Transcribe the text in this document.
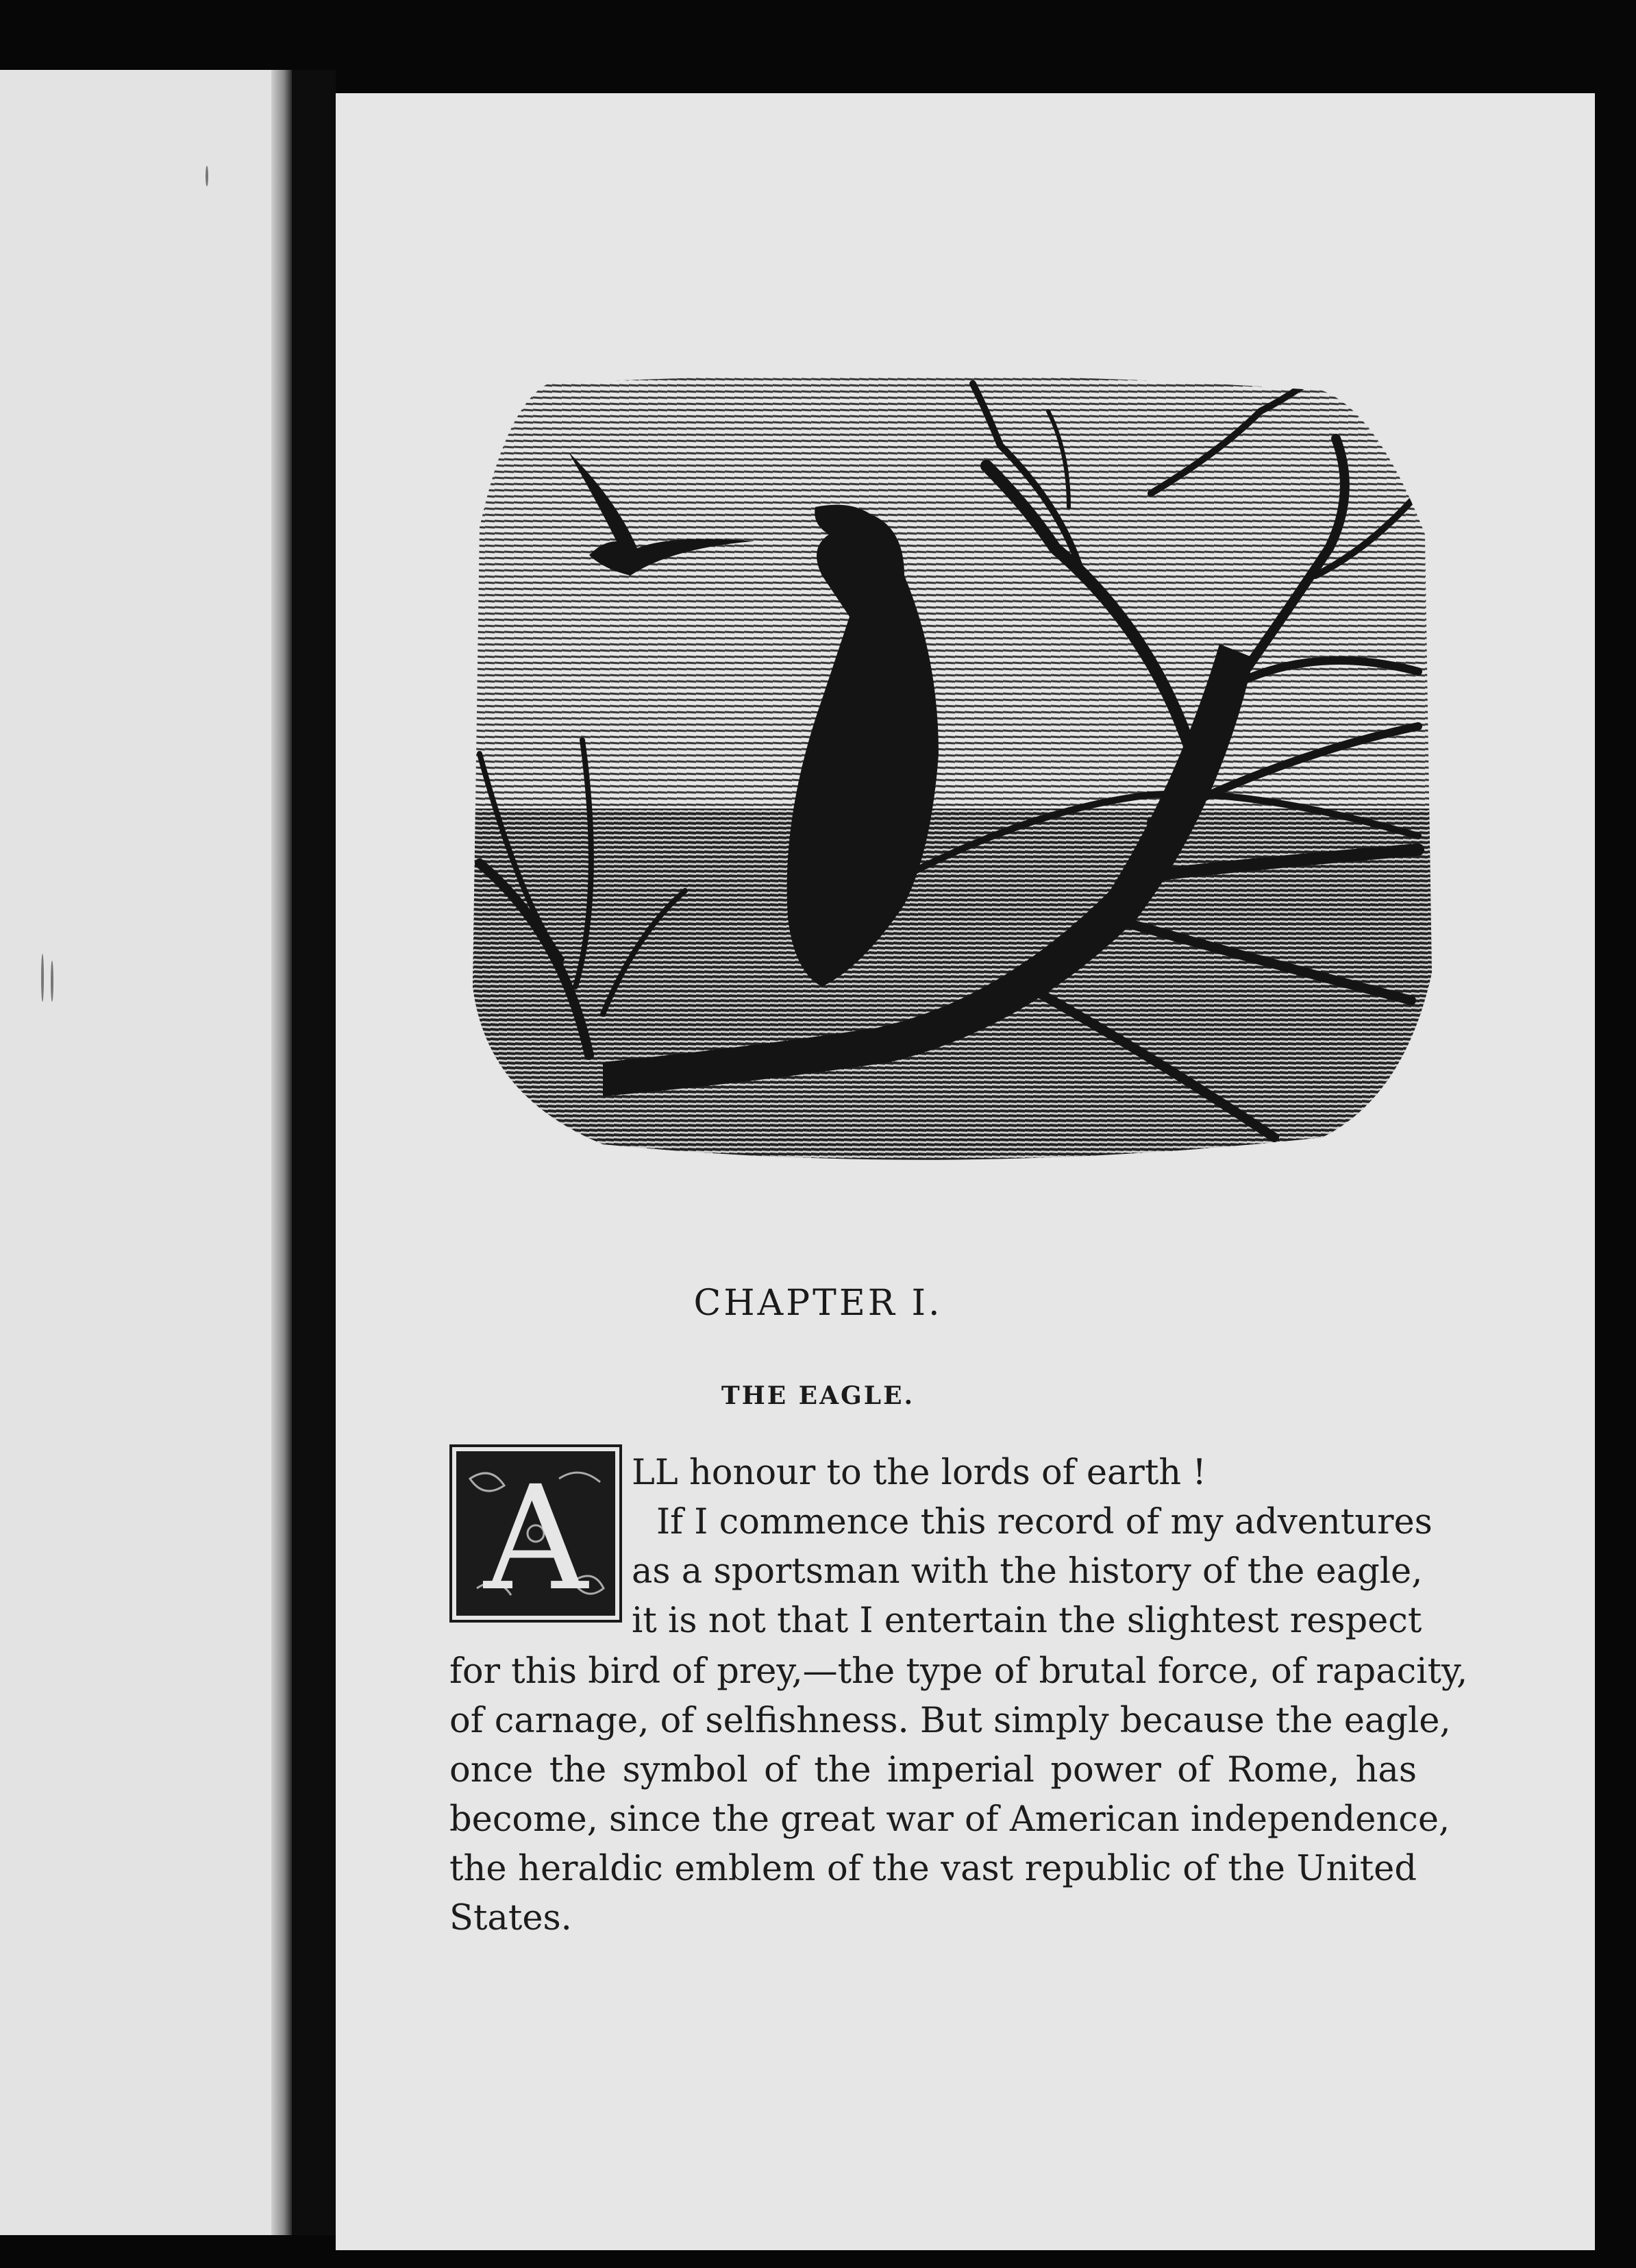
CHAPTER I.
THE EAGLE.
A LL honour to the lords of earth !
If I commence this record of my adventures
as a sportsman with the history of the eagle,
it is not that I entertain the slightest respect
for this bird of prey,—the type of brutal force, of rapacity,
of carnage, of selfishness. But simply because the eagle,
once the symbol of the imperial power of Rome, has
become, since the great war of American independence,
the heraldic emblem of the vast republic of the United
States.
